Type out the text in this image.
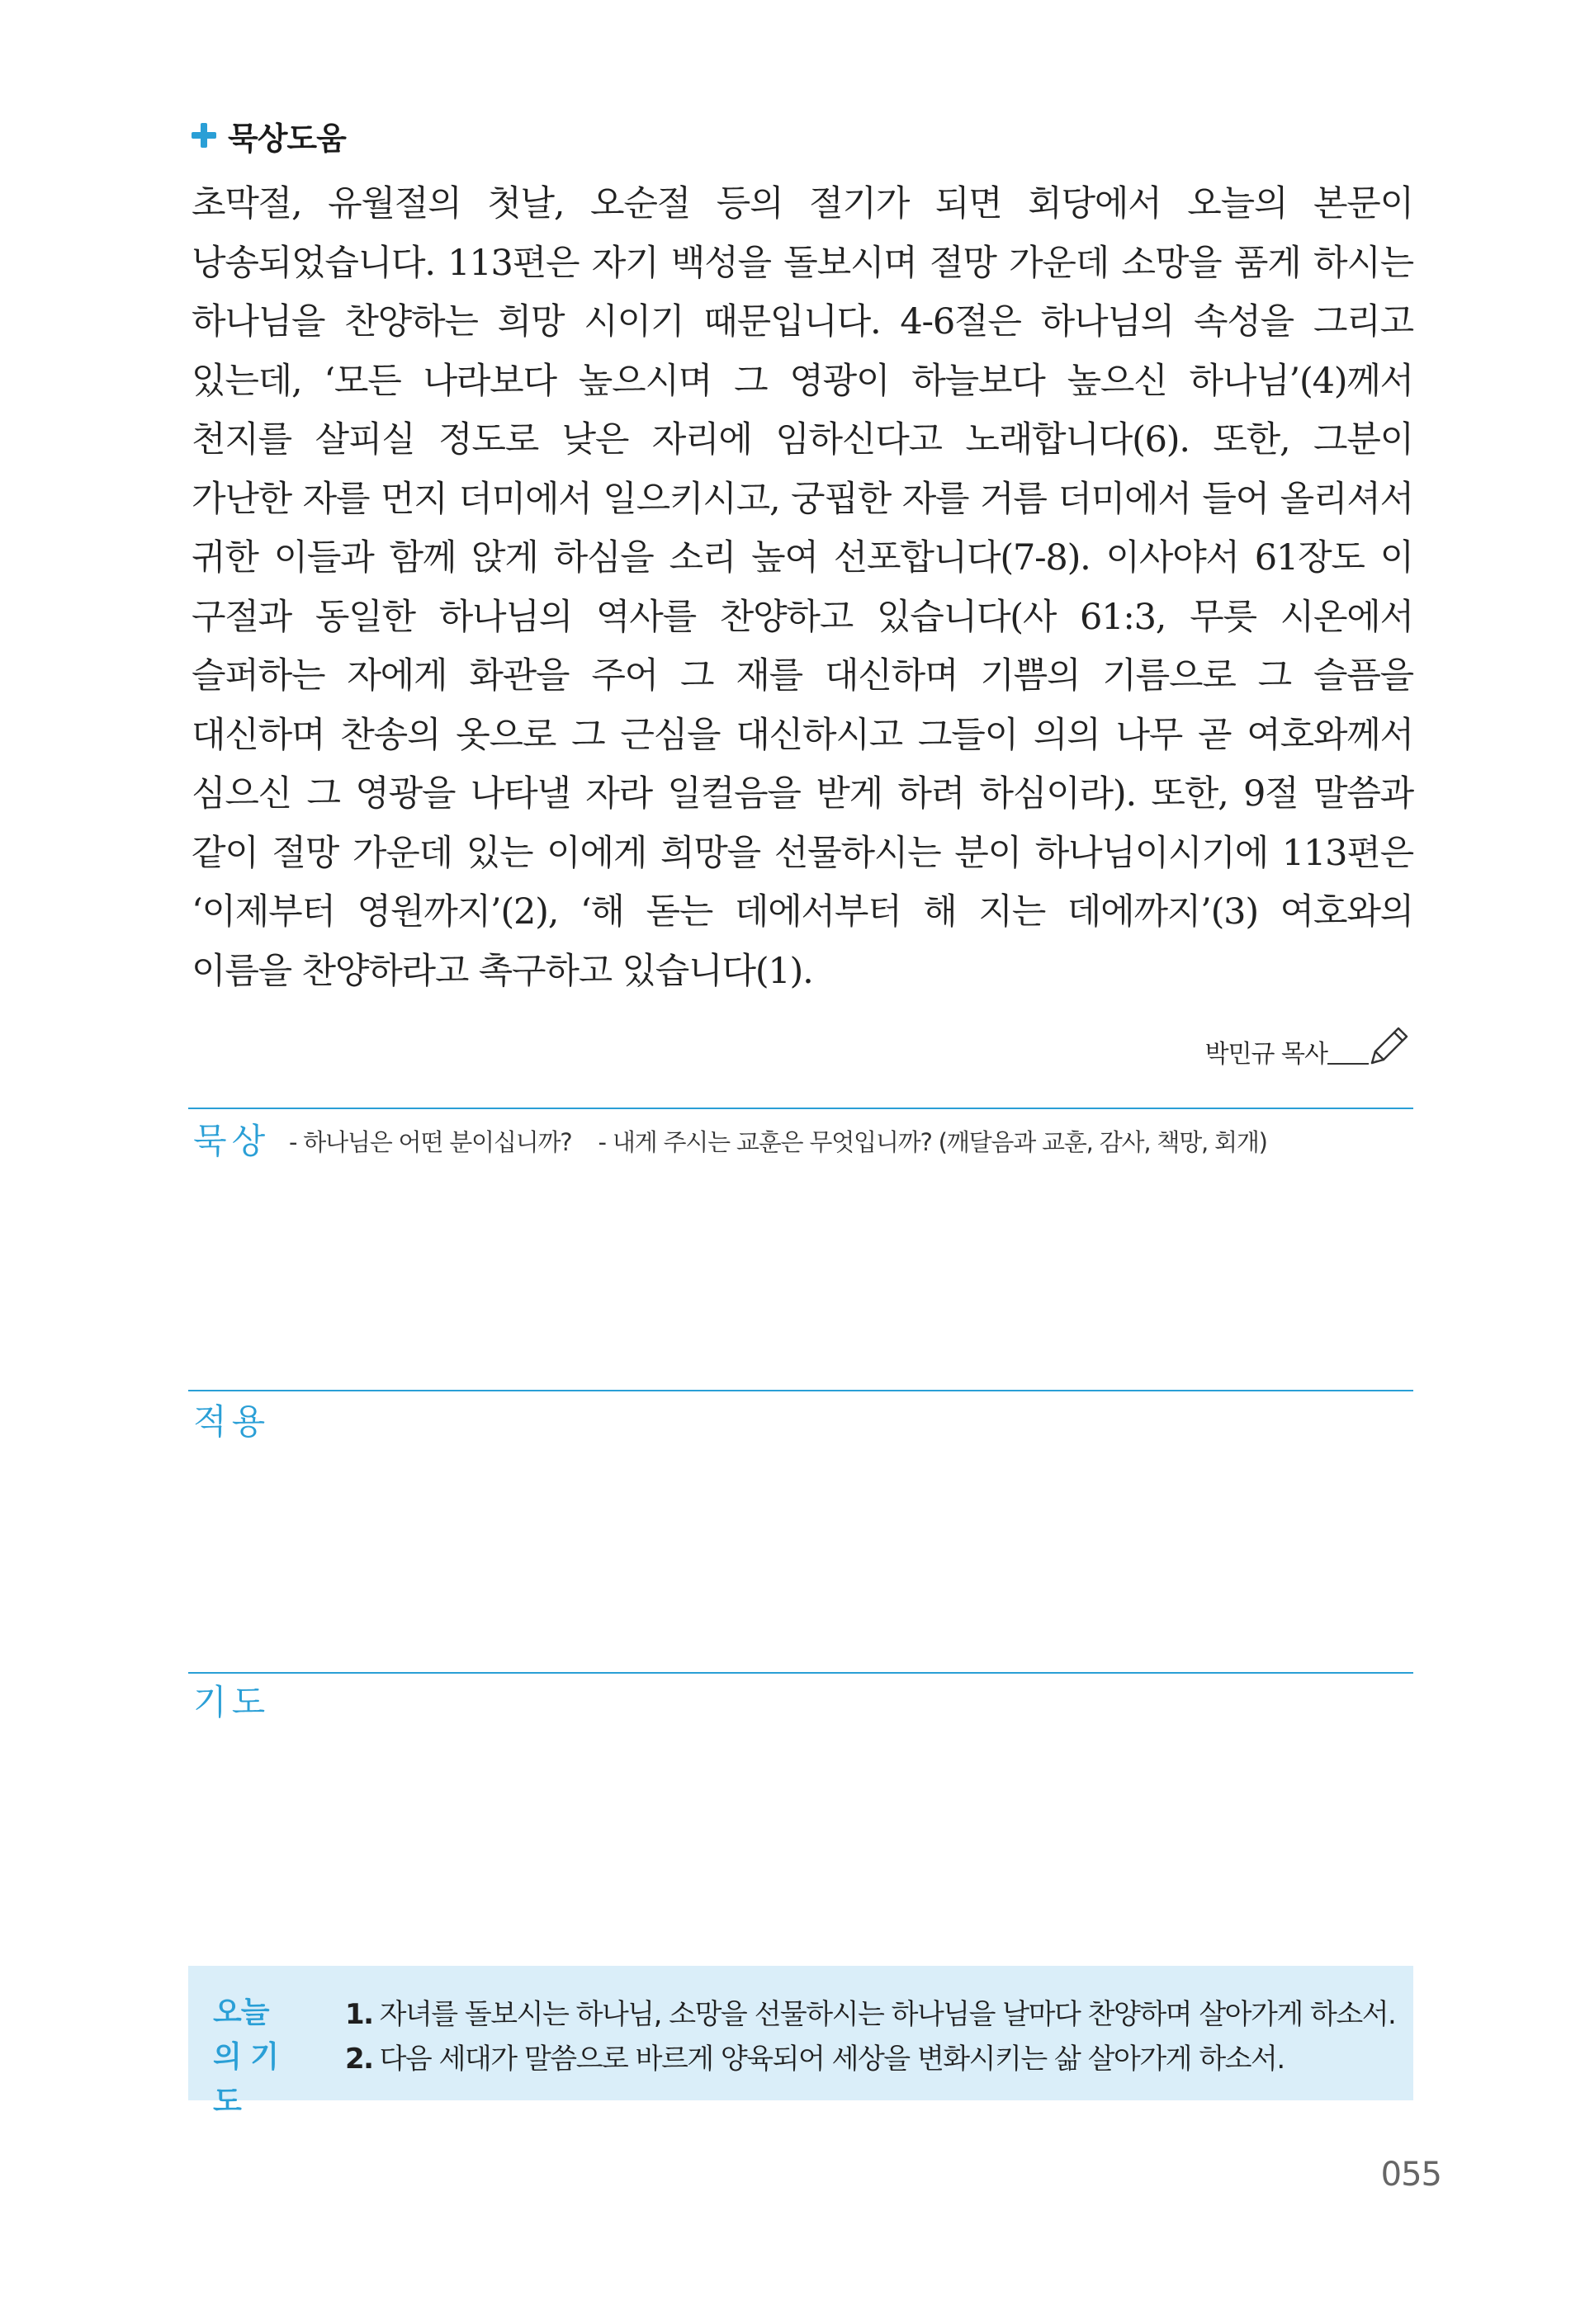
묵상도움
초막절, 유월절의 첫날, 오순절 등의 절기가 되면 회당에서 오늘의 본문이 낭송되었습니다. 113편은 자기 백성을 돌보시며 절망 가운데 소망을 품게 하시는 하나님을 찬양하는 희망 시이기 때문입니다. 4-6절은 하나님의 속성을 그리고 있는데, ‘모든 나라보다 높으시며 그 영광이 하늘보다 높으신 하나님’(4)께서 천지를 살피실 정도로 낮은 자리에 임하신다고 노래합니다(6). 또한, 그분이 가난한 자를 먼지 더미에서 일으키시고, 궁핍한 자를 거름 더미에서 들어 올리셔서 귀한 이들과 함께 앉게 하심을 소리 높여 선포합니다(7-8). 이사야서 61장도 이 구절과 동일한 하나님의 역사를 찬양하고 있습니다(사 61:3, 무릇 시온에서 슬퍼하는 자에게 화관을 주어 그 재를 대신하며 기쁨의 기름으로 그 슬픔을 대신하며 찬송의 옷으로 그 근심을 대신하시고 그들이 의의 나무 곧 여호와께서 심으신 그 영광을 나타낼 자라 일컬음을 받게 하려 하심이라). 또한, 9절 말씀과 같이 절망 가운데 있는 이에게 희망을 선물하시는 분이 하나님이시기에 113편은 ‘이제부터 영원까지’(2), ‘해 돋는 데에서부터 해 지는 데에까지’(3) 여호와의 이름을 찬양하라고 촉구하고 있습니다(1).
박민규 목사
묵상 - 하나님은 어떤 분이십니까?    - 내게 주시는 교훈은 무엇입니까? (깨달음과 교훈, 감사, 책망, 회개)
적용
기도
오늘의 기도
1. 자녀를 돌보시는 하나님, 소망을 선물하시는 하나님을 날마다 찬양하며 살아가게 하소서.
2. 다음 세대가 말씀으로 바르게 양육되어 세상을 변화시키는 삶 살아가게 하소서.
055
